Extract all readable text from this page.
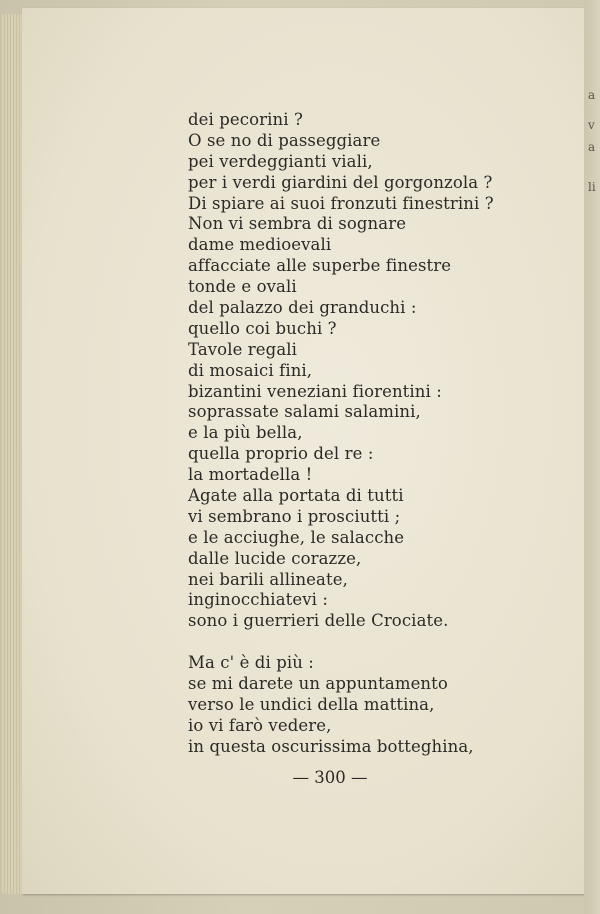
a
v
a
li
dei pecorini ?
O se no di passeggiare
pei verdeggianti viali,
per i verdi giardini del gorgonzola ?
Di spiare ai suoi fronzuti finestrini ?
Non vi sembra di sognare
dame medioevali
affacciate alle superbe finestre
tonde e ovali
del palazzo dei granduchi :
quello coi buchi ?
Tavole regali
di mosaici fini,
bizantini veneziani fiorentini :
soprassate salami salamini,
e la più bella,
quella proprio del re :
la mortadella !
Agate alla portata di tutti
vi sembrano i prosciutti ;
e le acciughe, le salacche
dalle lucide corazze,
nei barili allineate,
inginocchiatevi :
sono i guerrieri delle Crociate.
Ma c' è di più :
se mi darete un appuntamento
verso le undici della mattina,
io vi farò vedere,
in questa oscurissima botteghina,
— 300 —
